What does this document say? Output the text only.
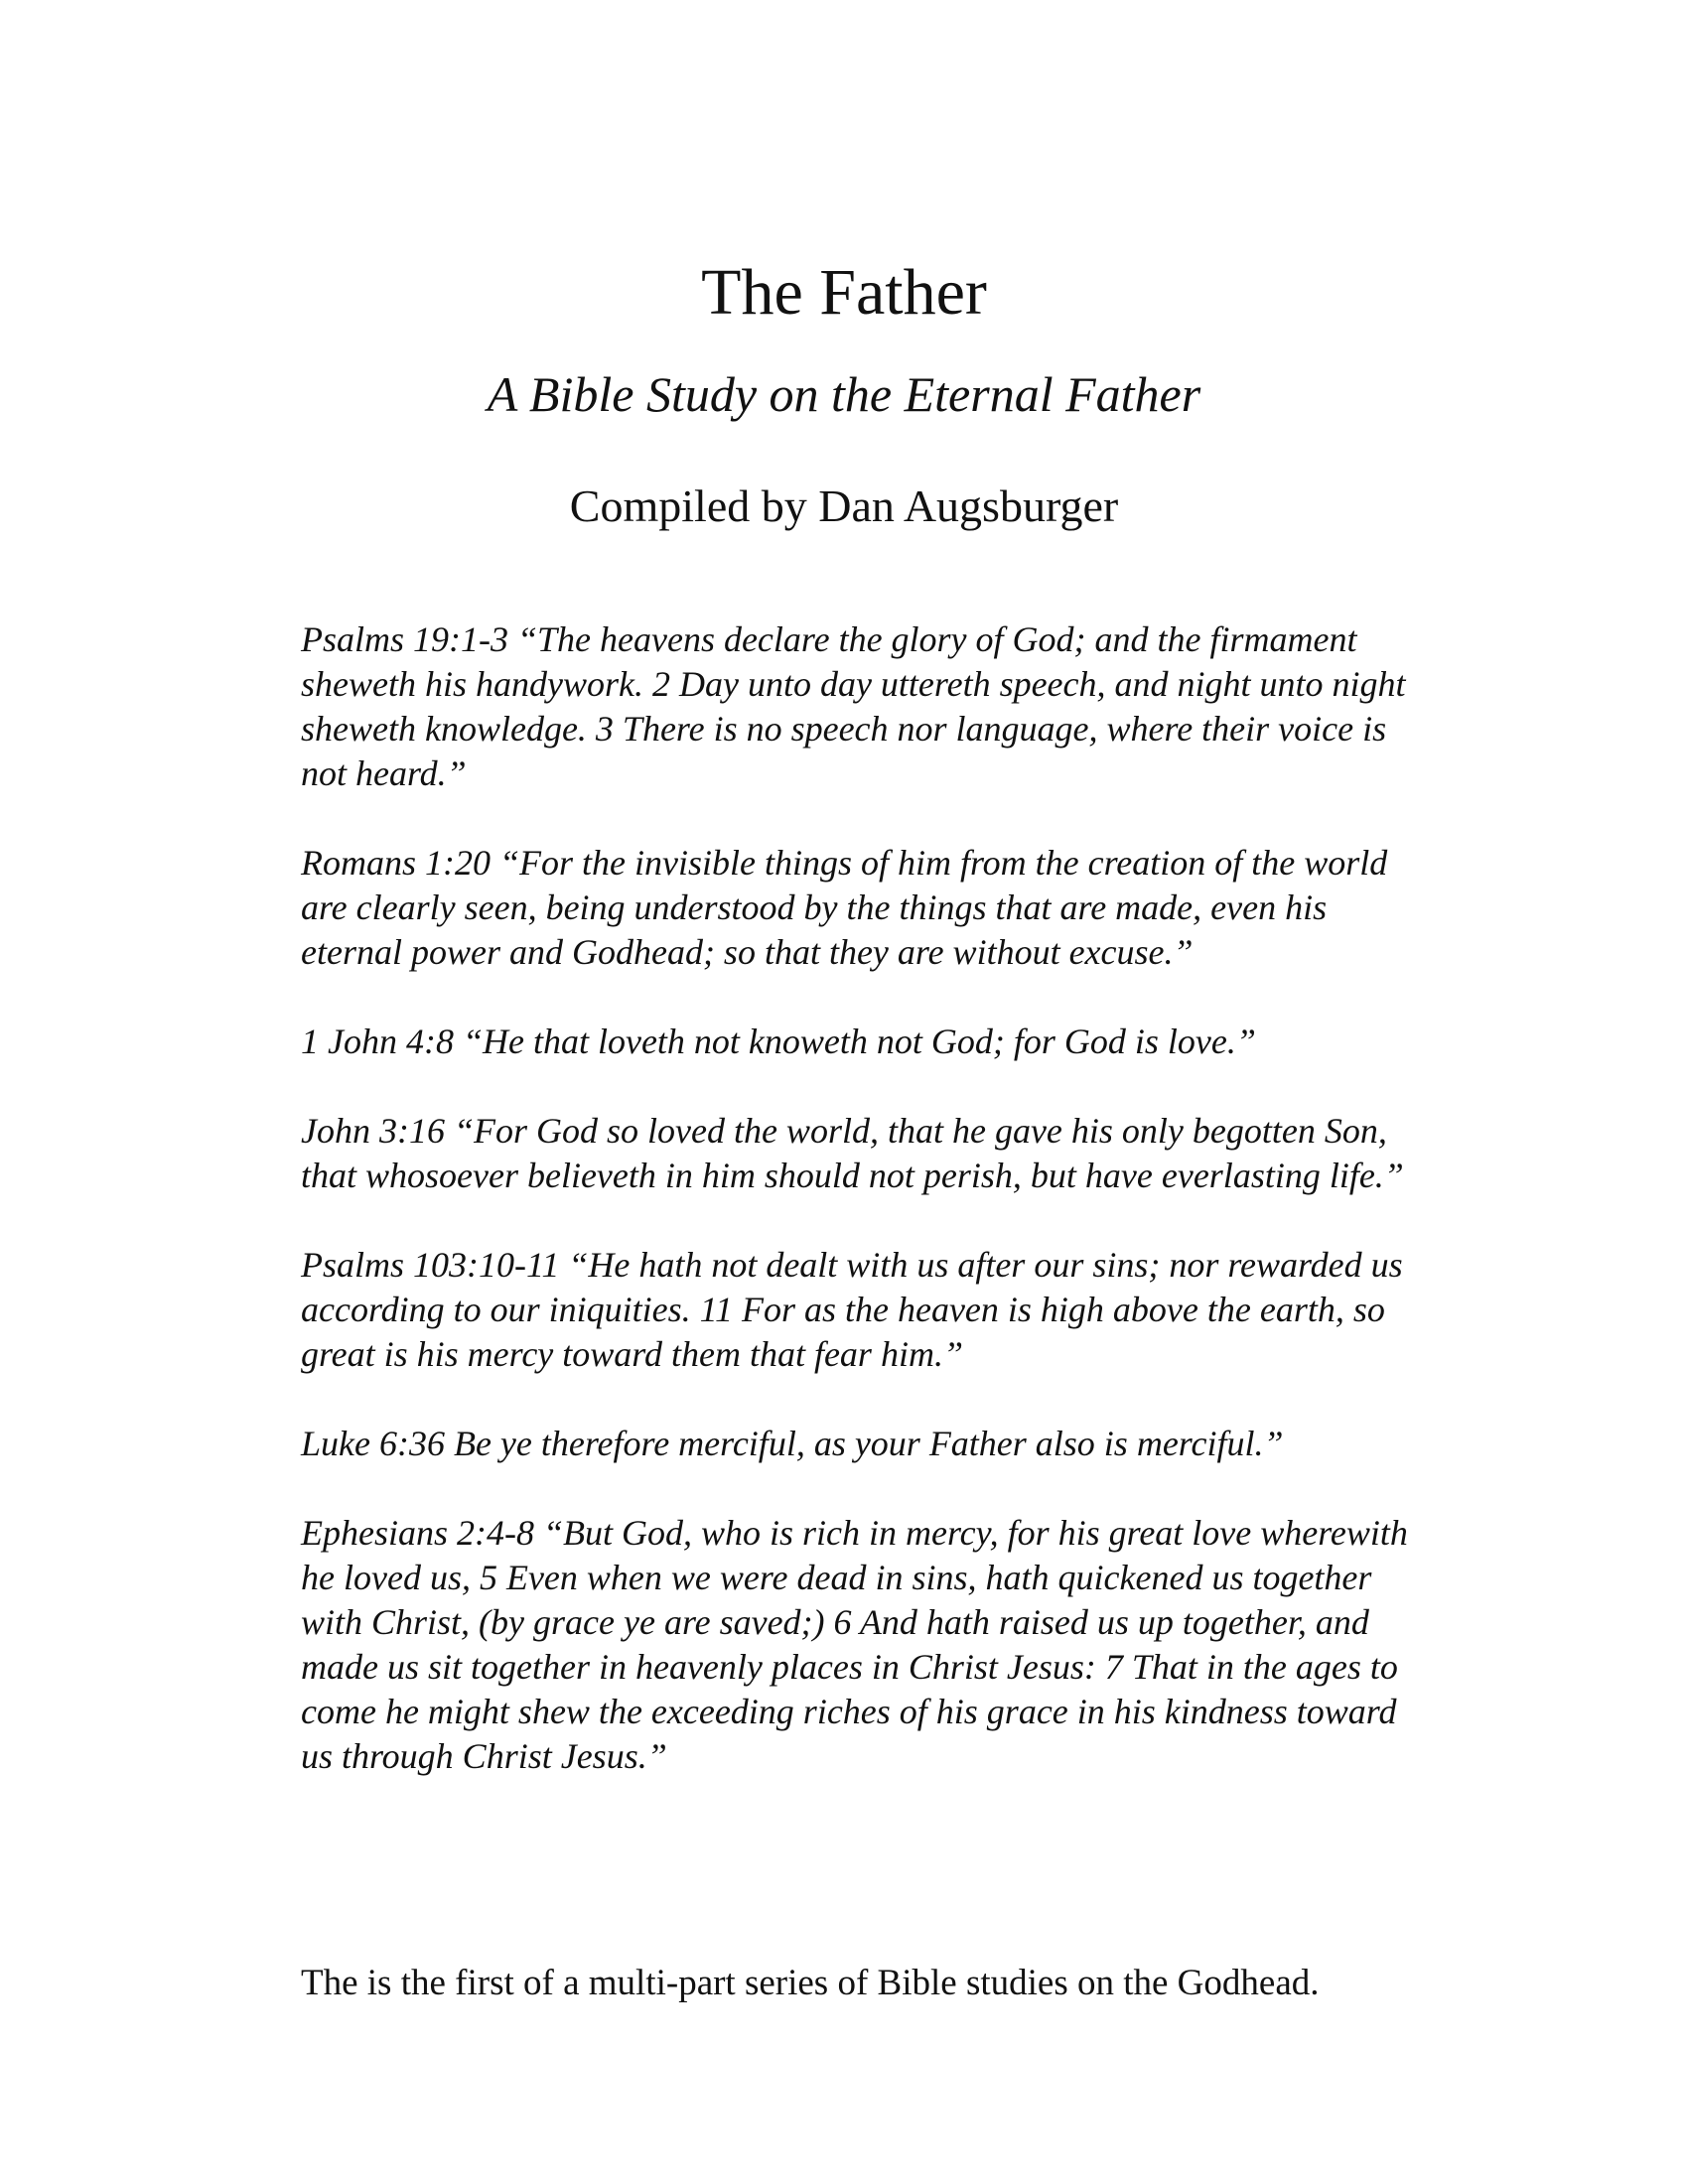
The Father
A Bible Study on the Eternal Father

Compiled by Dan Augsburger

Psalms 19:1-3 “The heavens declare the glory of God; and the firmament sheweth his handywork. 2 Day unto day uttereth speech, and night unto night sheweth knowledge. 3 There is no speech nor language, where their voice is not heard.”

Romans 1:20 “For the invisible things of him from the creation of the world are clearly seen, being understood by the things that are made, even his eternal power and Godhead; so that they are without excuse.”

1 John 4:8 “He that loveth not knoweth not God; for God is love.”

John 3:16 “For God so loved the world, that he gave his only begotten Son, that whosoever believeth in him should not perish, but have everlasting life.”

Psalms 103:10-11 “He hath not dealt with us after our sins; nor rewarded us according to our iniquities. 11 For as the heaven is high above the earth, so great is his mercy toward them that fear him.”

Luke 6:36 Be ye therefore merciful, as your Father also is merciful.”

Ephesians 2:4-8 “But God, who is rich in mercy, for his great love wherewith he loved us, 5 Even when we were dead in sins, hath quickened us together with Christ, (by grace ye are saved;) 6 And hath raised us up together, and made us sit together in heavenly places in Christ Jesus: 7 That in the ages to come he might shew the exceeding riches of his grace in his kindness toward us through Christ Jesus.”

The is the first of a multi-part series of Bible studies on the Godhead.
